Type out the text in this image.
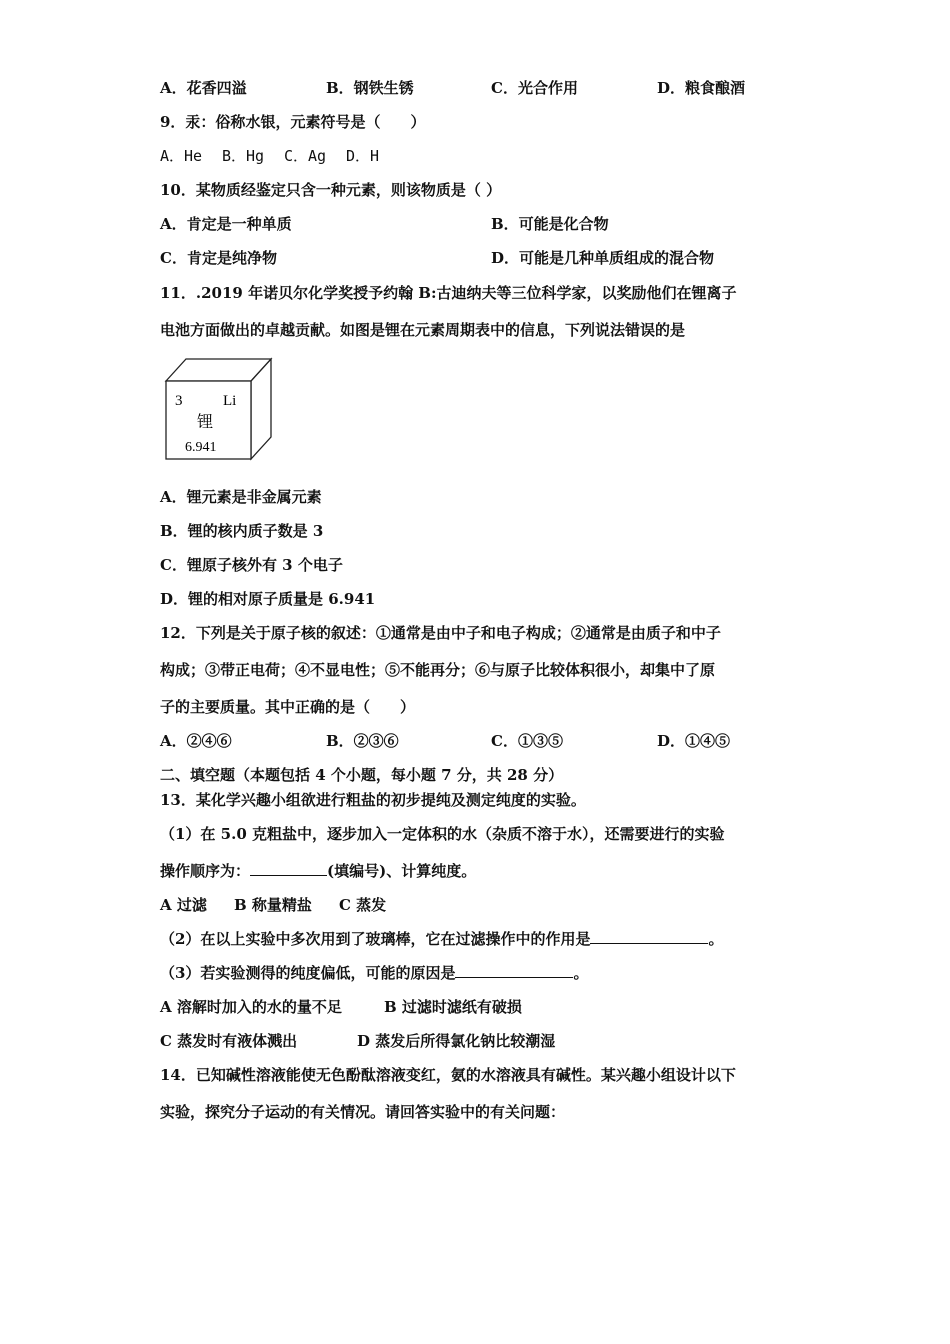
A．花香四溢	B．钢铁生锈	C．光合作用	D．粮食酿酒
9．汞：俗称水银，元素符号是（　　）
A．He B．Hg C．Ag D．H
10．某物质经鉴定只含一种元素，则该物质是（ ）
A．肯定是一种单质	B．可能是化合物
C．肯定是纯净物	D．可能是几种单质组成的混合物
11．.2019 年诺贝尔化学奖授予约翰 B:古迪纳夫等三位科学家，以奖励他们在锂离子
电池方面做出的卓越贡献。如图是锂在元素周期表中的信息，下列说法错误的是
3	Li
锂
6.941
A．锂元素是非金属元素
B．锂的核内质子数是 3
C．锂原子核外有 3 个电子
D．锂的相对原子质量是 6.941
12．下列是关于原子核的叙述：①通常是由中子和电子构成；②通常是由质子和中子
构成；③带正电荷；④不显电性；⑤不能再分；⑥与原子比较体积很小，却集中了原
子的主要质量。其中正确的是（　　）
A．②④⑥	B．②③⑥	C．①③⑤	D．①④⑤
二、填空题（本题包括 4 个小题，每小题 7 分，共 28 分）
13．某化学兴趣小组欲进行粗盐的初步提纯及测定纯度的实验。
（1）在 5.0 克粗盐中，逐步加入一定体积的水（杂质不溶于水），还需要进行的实验
操作顺序为：	(填编号)、计算纯度。
A 过滤 B 称量精盐 C 蒸发
（2）在以上实验中多次用到了玻璃棒，它在过滤操作中的作用是	。
（3）若实验测得的纯度偏低，可能的原因是	。
A 溶解时加入的水的量不足	B 过滤时滤纸有破损
C 蒸发时有液体溅出	D 蒸发后所得氯化钠比较潮湿
14．已知碱性溶液能使无色酚酞溶液变红，氨的水溶液具有碱性。某兴趣小组设计以下
实验，探究分子运动的有关情况。请回答实验中的有关问题：
